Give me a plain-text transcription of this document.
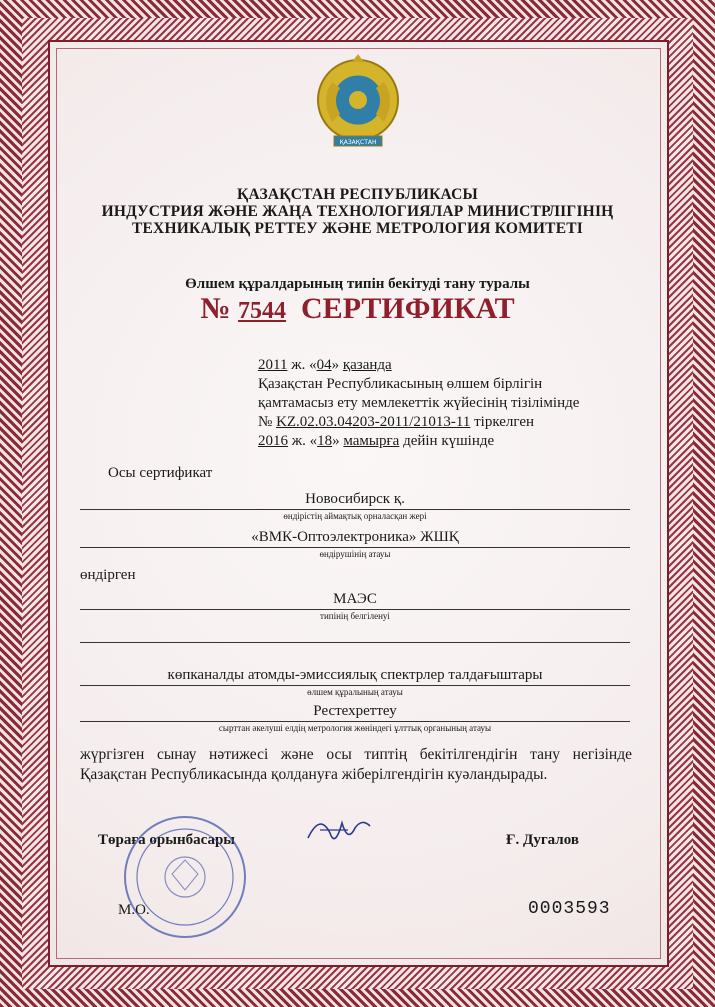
ҚАЗАҚСТАН
ҚАЗАҚСТАН РЕСПУБЛИКАСЫ
ИНДУСТРИЯ ЖӘНЕ ЖАҢА ТЕХНОЛОГИЯЛАР МИНИСТРЛІГІНІҢ
ТЕХНИКАЛЫҚ РЕТТЕУ ЖӘНЕ МЕТРОЛОГИЯ КОМИТЕТІ
Өлшем құралдарының типін бекітуді тану туралы
№ 7544 СЕРТИФИКАТ
2011 ж. «04» қазанда
Қазақстан Республикасының өлшем бірлігін
қамтамасыз ету мемлекеттік жүйесінің тізілімінде
№ KZ.02.03.04203-2011/21013-11 тіркелген
2016 ж. «18» мамырға дейін күшінде
Осы сертификат
Новосибирск қ.
өндірістің аймақтық орналасқан жері
«ВМК-Оптоэлектроника» ЖШҚ
өндірушінің атауы
өндірген
МАЭС
типінің белгіленуі
көпканалды атомды-эмиссиялық спектрлер талдағыштары
өлшем құралының атауы
Рестехреттеу
сырттан әкелуші елдің метрология жөніндегі ұлттық органының атауы
жүргізген сынау нәтижесі және осы типтің бекітілгендігін тану негізінде Қазақстан Республикасында қолдануға жіберілгендігін куәландырады.
Төраға орынбасары	Ғ. Дугалов
М.О.	0003593
